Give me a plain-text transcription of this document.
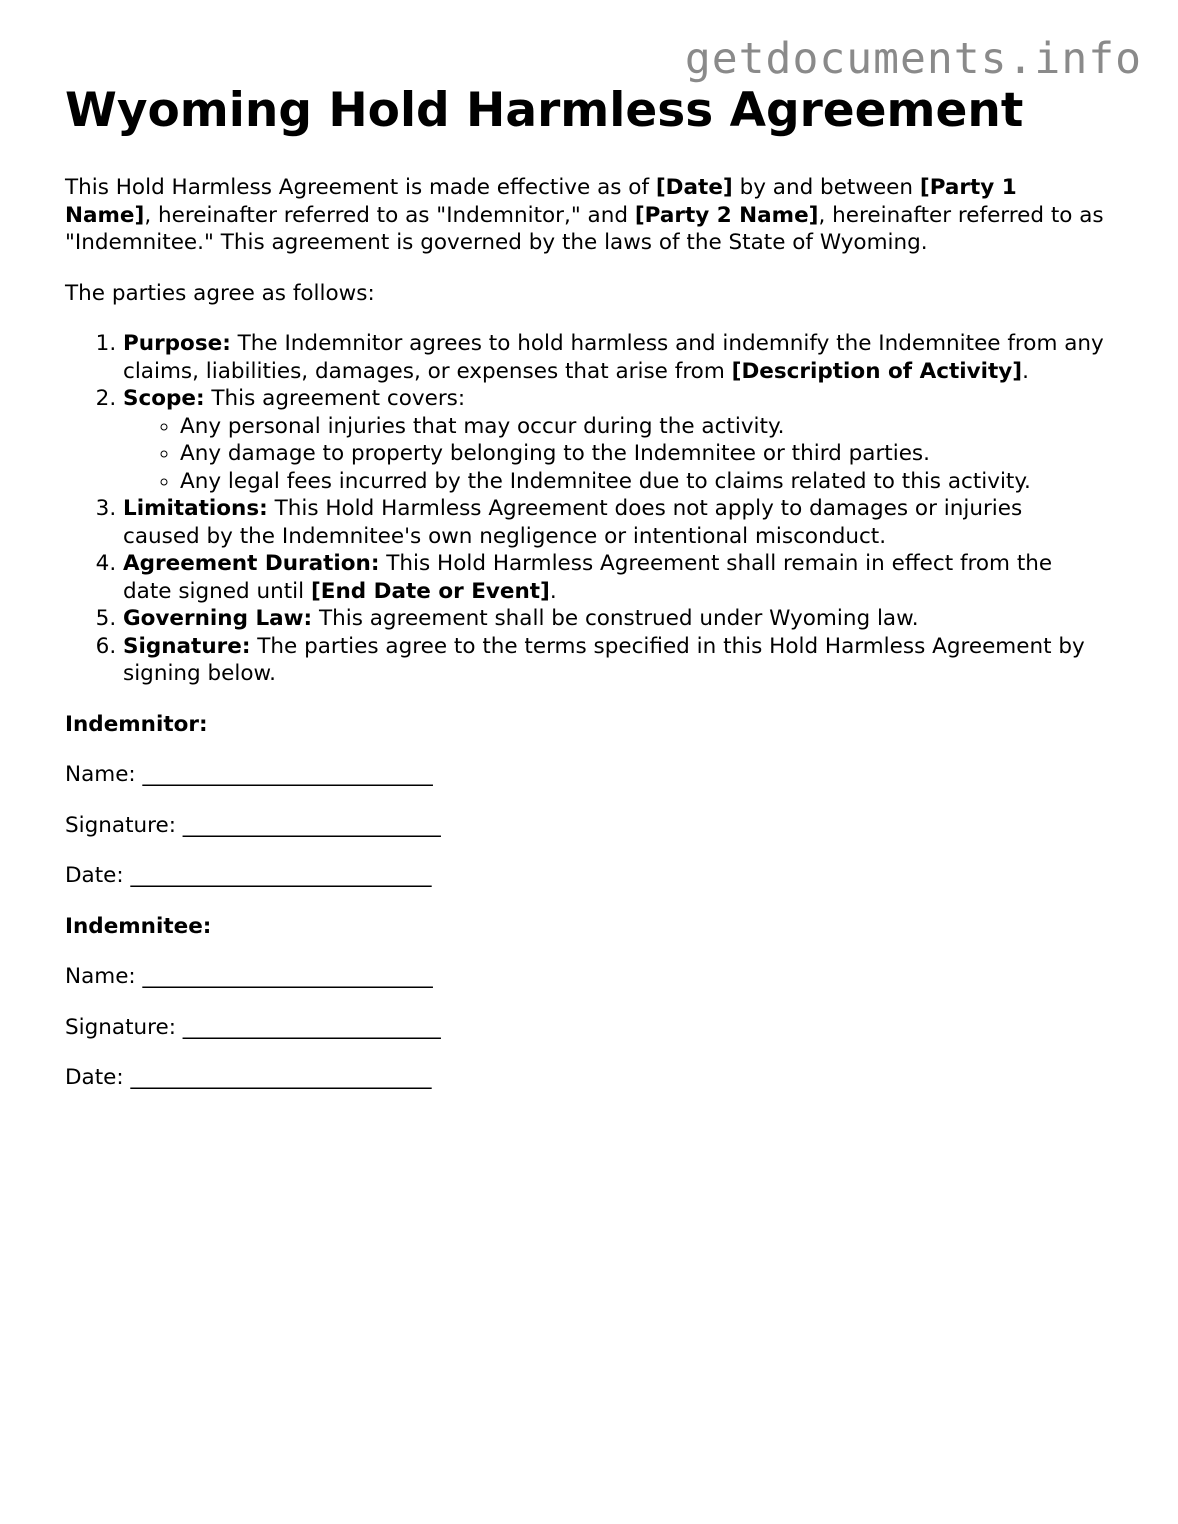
getdocuments.info
Wyoming Hold Harmless Agreement

This Hold Harmless Agreement is made effective as of [Date] by and between [Party 1 Name], hereinafter referred to as "Indemnitor," and [Party 2 Name], hereinafter referred to as "Indemnitee." This agreement is governed by the laws of the State of Wyoming.

The parties agree as follows:

1. Purpose: The Indemnitor agrees to hold harmless and indemnify the Indemnitee from any claims, liabilities, damages, or expenses that arise from [Description of Activity].
2. Scope: This agreement covers:
◦ Any personal injuries that may occur during the activity.
◦ Any damage to property belonging to the Indemnitee or third parties.
◦ Any legal fees incurred by the Indemnitee due to claims related to this activity.
3. Limitations: This Hold Harmless Agreement does not apply to damages or injuries caused by the Indemnitee's own negligence or intentional misconduct.
4. Agreement Duration: This Hold Harmless Agreement shall remain in effect from the date signed until [End Date or Event].
5. Governing Law: This agreement shall be construed under Wyoming law.
6. Signature: The parties agree to the terms specified in this Hold Harmless Agreement by signing below.

Indemnitor:

Name: ___________________________

Signature: ________________________

Date: ____________________________

Indemnitee:

Name: ___________________________

Signature: ________________________

Date: ____________________________
